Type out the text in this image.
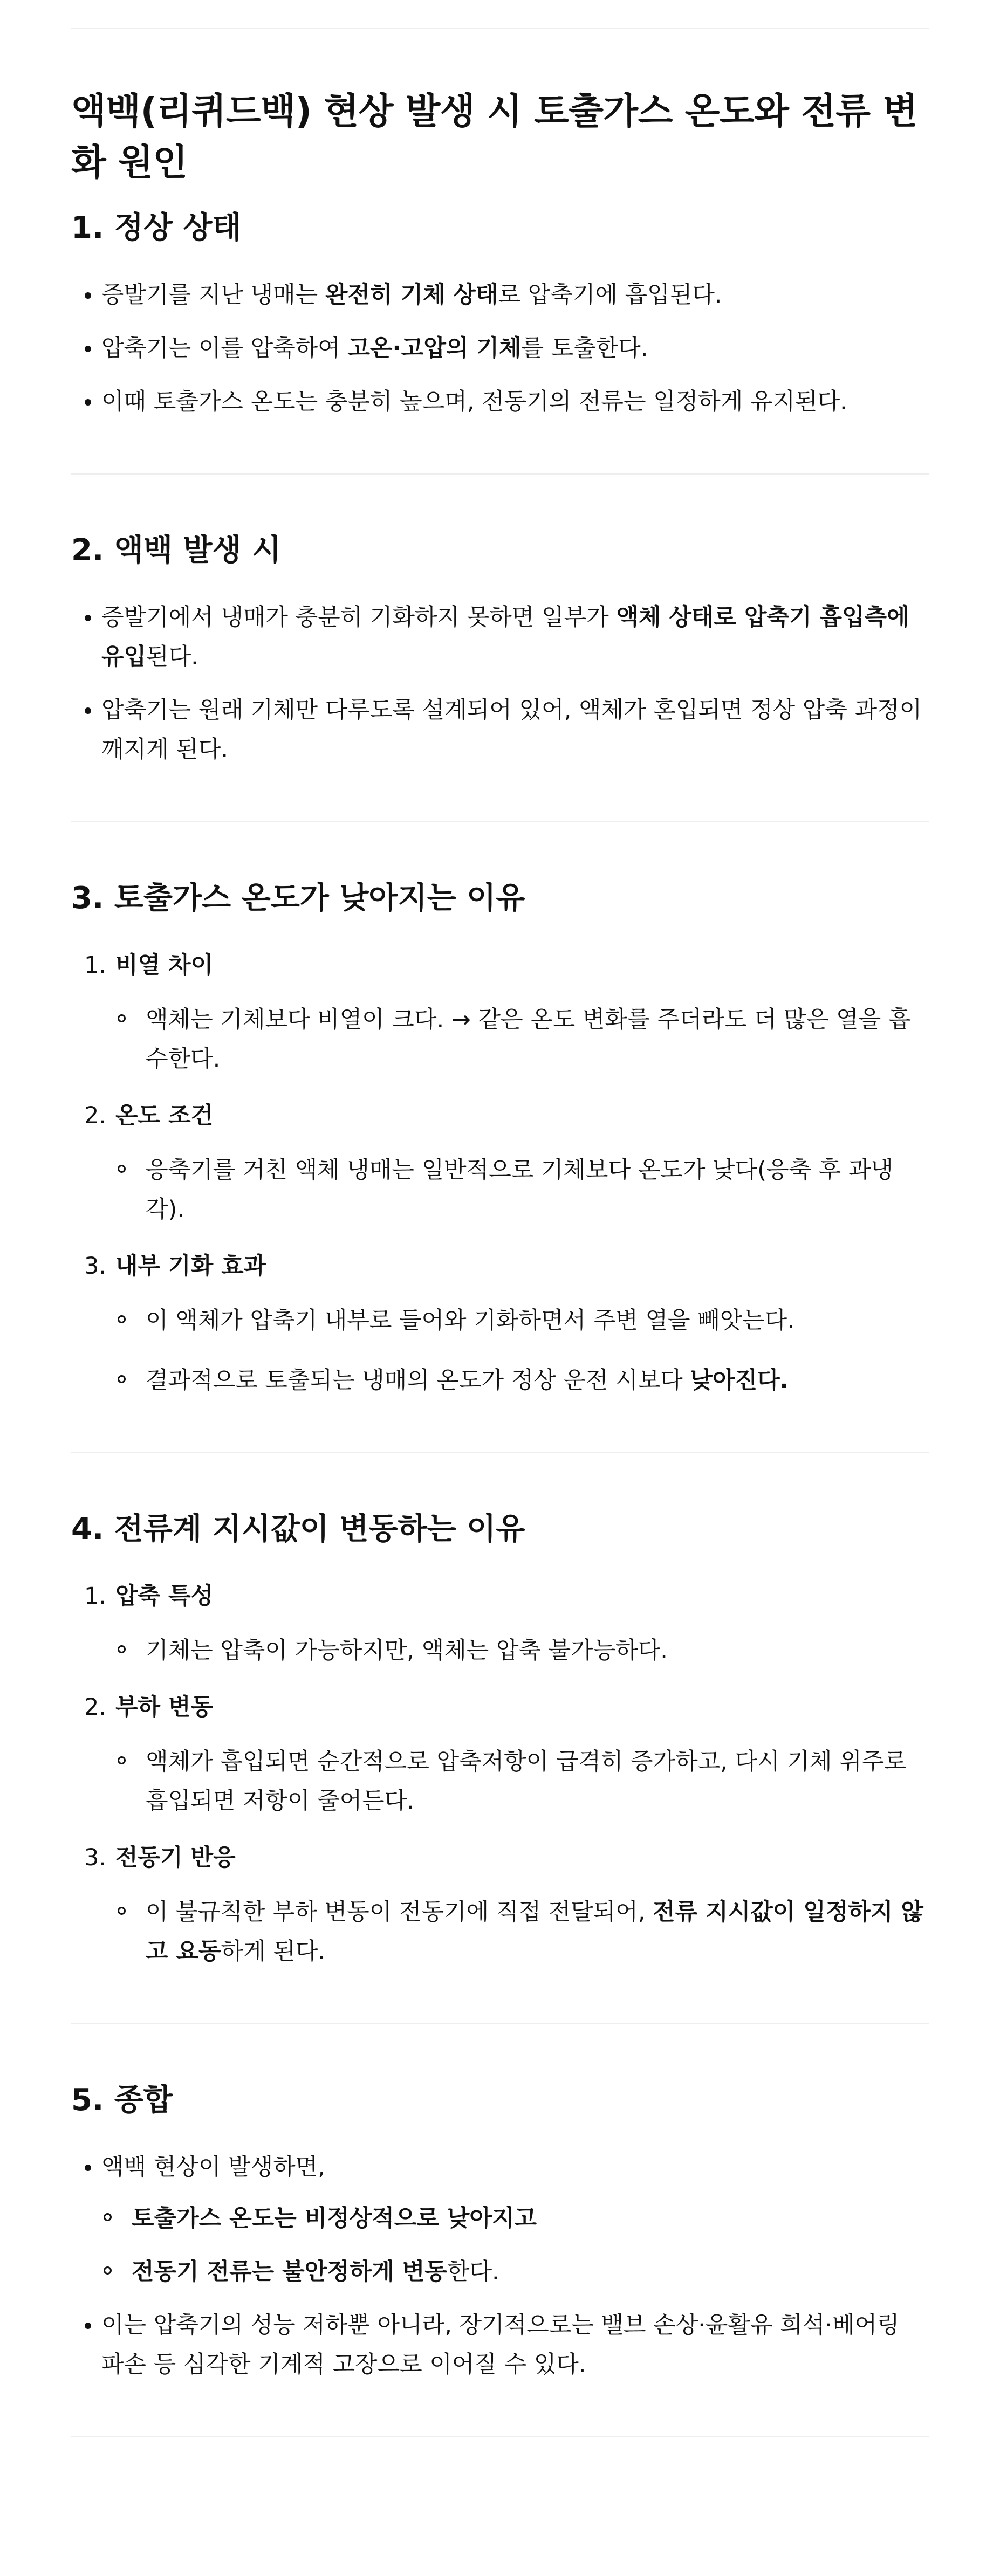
액백(리퀴드백) 현상 발생 시 토출가스 온도와 전류 변화 원인
1. 정상 상태
증발기를 지난 냉매는 완전히 기체 상태로 압축기에 흡입된다.
압축기는 이를 압축하여 고온·고압의 기체를 토출한다.
이때 토출가스 온도는 충분히 높으며, 전동기의 전류는 일정하게 유지된다.
2. 액백 발생 시
증발기에서 냉매가 충분히 기화하지 못하면 일부가 액체 상태로 압축기 흡입측에 유입된다.
압축기는 원래 기체만 다루도록 설계되어 있어, 액체가 혼입되면 정상 압축 과정이 깨지게 된다.
3. 토출가스 온도가 낮아지는 이유
1. 비열 차이
액체는 기체보다 비열이 크다. → 같은 온도 변화를 주더라도 더 많은 열을 흡수한다.
2. 온도 조건
응축기를 거친 액체 냉매는 일반적으로 기체보다 온도가 낮다(응축 후 과냉각).
3. 내부 기화 효과
이 액체가 압축기 내부로 들어와 기화하면서 주변 열을 빼앗는다.
결과적으로 토출되는 냉매의 온도가 정상 운전 시보다 낮아진다.
4. 전류계 지시값이 변동하는 이유
1. 압축 특성
기체는 압축이 가능하지만, 액체는 압축 불가능하다.
2. 부하 변동
액체가 흡입되면 순간적으로 압축저항이 급격히 증가하고, 다시 기체 위주로 흡입되면 저항이 줄어든다.
3. 전동기 반응
이 불규칙한 부하 변동이 전동기에 직접 전달되어, 전류 지시값이 일정하지 않고 요동하게 된다.
5. 종합
액백 현상이 발생하면,
토출가스 온도는 비정상적으로 낮아지고
전동기 전류는 불안정하게 변동한다.
이는 압축기의 성능 저하뿐 아니라, 장기적으로는 밸브 손상·윤활유 희석·베어링 파손 등 심각한 기계적 고장으로 이어질 수 있다.
